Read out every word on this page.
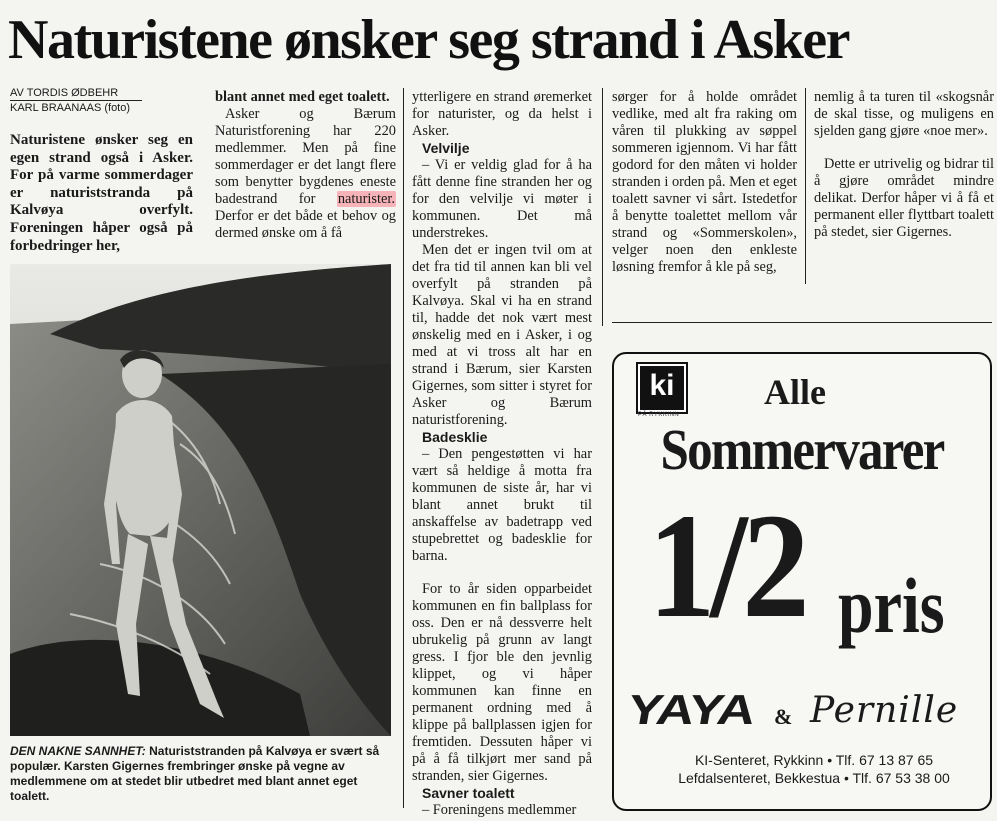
Naturistene ønsker seg strand i Asker
AV TORDIS ØDBEHR
KARL BRAANAAS (foto)
Naturistene ønsker seg en egen strand også i Asker. For på varme sommerdager er naturiststranda på Kalvøya overfylt. Foreningen håper også på forbedringer her,

blant annet med eget toalett.

Asker og Bærum Naturistforening har 220 medlemmer. Men på fine sommerdager er det langt flere som benytter bygdenes eneste badestrand for naturister. Derfor er det både et behov og dermed ønske om å få

ytterligere en strand øremerket for naturister, og da helst i Asker.

Velvilje

– Vi er veldig glad for å ha fått denne fine stranden her og for den velvilje vi møter i kommunen. Det må understrekes.

Men det er ingen tvil om at det fra tid til annen kan bli vel overfylt på stranden på Kalvøya. Skal vi ha en strand til, hadde det nok vært mest ønskelig med en i Asker, i og med at vi tross alt har en strand i Bærum, sier Karsten Gigernes, som sitter i styret for Asker og Bærum naturistforening.

Badesklie

– Den pengestøtten vi har vært så heldige å motta fra kommunen de siste år, har vi blant annet brukt til anskaffelse av badetrapp ved stupebrettet og badesklie for barna.

For to år siden opparbeidet kommunen en fin ballplass for oss. Den er nå dessverre helt ubrukelig på grunn av langt gress. I fjor ble den jevnlig klippet, og vi håper kommunen kan finne en permanent ordning med å klippe på ballplassen igjen for fremtiden. Dessuten håper vi på å få tilkjørt mer sand på stranden, sier Gigernes.

Savner toalett

– Foreningens medlemmer

sørger for å holde området vedlike, med alt fra raking om våren til plukking av søppel sommeren igjennom. Vi har fått godord for den måten vi holder stranden i orden på. Men et eget toalett savner vi sårt. Istedetfor å benytte toalettet mellom vår strand og «Sommerskolen», velger noen den enkleste løsning fremfor å kle på seg,

nemlig å ta turen til «skogsnår de skal tisse, og muligens en sjelden gang gjøre «noe mer».

Dette er utrivelig og bidrar til å gjøre området mindre delikat. Derfor håper vi å få et permanent eller flyttbart toalett på stedet, sier Gigernes.

DEN NAKNE SANNHET: Naturiststranden på Kalvøya er svært så populær. Karsten Gigernes frembringer ønske på vegne av medlemmene om at stedet blir utbedret med blant annet eget toalett.
ki
PÅ RYKKINN
Alle
Sommervarer
1/2 pris
YAYA & Pernille
KI-Senteret, Rykkinn • Tlf. 67 13 87 65
Lefdalsenteret, Bekkestua • Tlf. 67 53 38 00
